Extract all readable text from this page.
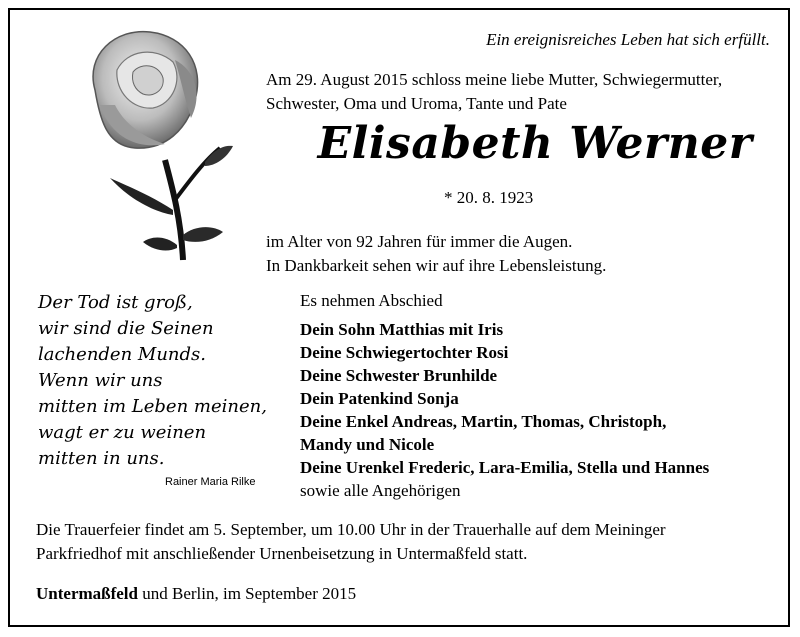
Ein ereignisreiches Leben hat sich erfüllt.
Am 29. August 2015 schloss meine liebe Mutter, Schwiegermutter,
Schwester, Oma und Uroma, Tante und Pate
Elisabeth Werner
* 20. 8. 1923
im Alter von 92 Jahren für immer die Augen.
In Dankbarkeit sehen wir auf ihre Lebensleistung.
Der Tod ist groß,
wir sind die Seinen
lachenden Munds.
Wenn wir uns
mitten im Leben meinen,
wagt er zu weinen
mitten in uns.
Rainer Maria Rilke
Es nehmen Abschied
Dein Sohn Matthias mit Iris
Deine Schwiegertochter Rosi
Deine Schwester Brunhilde
Dein Patenkind Sonja
Deine Enkel Andreas, Martin, Thomas, Christoph,
Mandy und Nicole
Deine Urenkel Frederic, Lara-Emilia, Stella und Hannes
sowie alle Angehörigen
Die Trauerfeier findet am 5. September, um 10.00 Uhr in der Trauerhalle auf dem Meininger
Parkfriedhof mit anschließender Urnenbeisetzung in Untermaßfeld statt.
Untermaßfeld und Berlin, im September 2015
